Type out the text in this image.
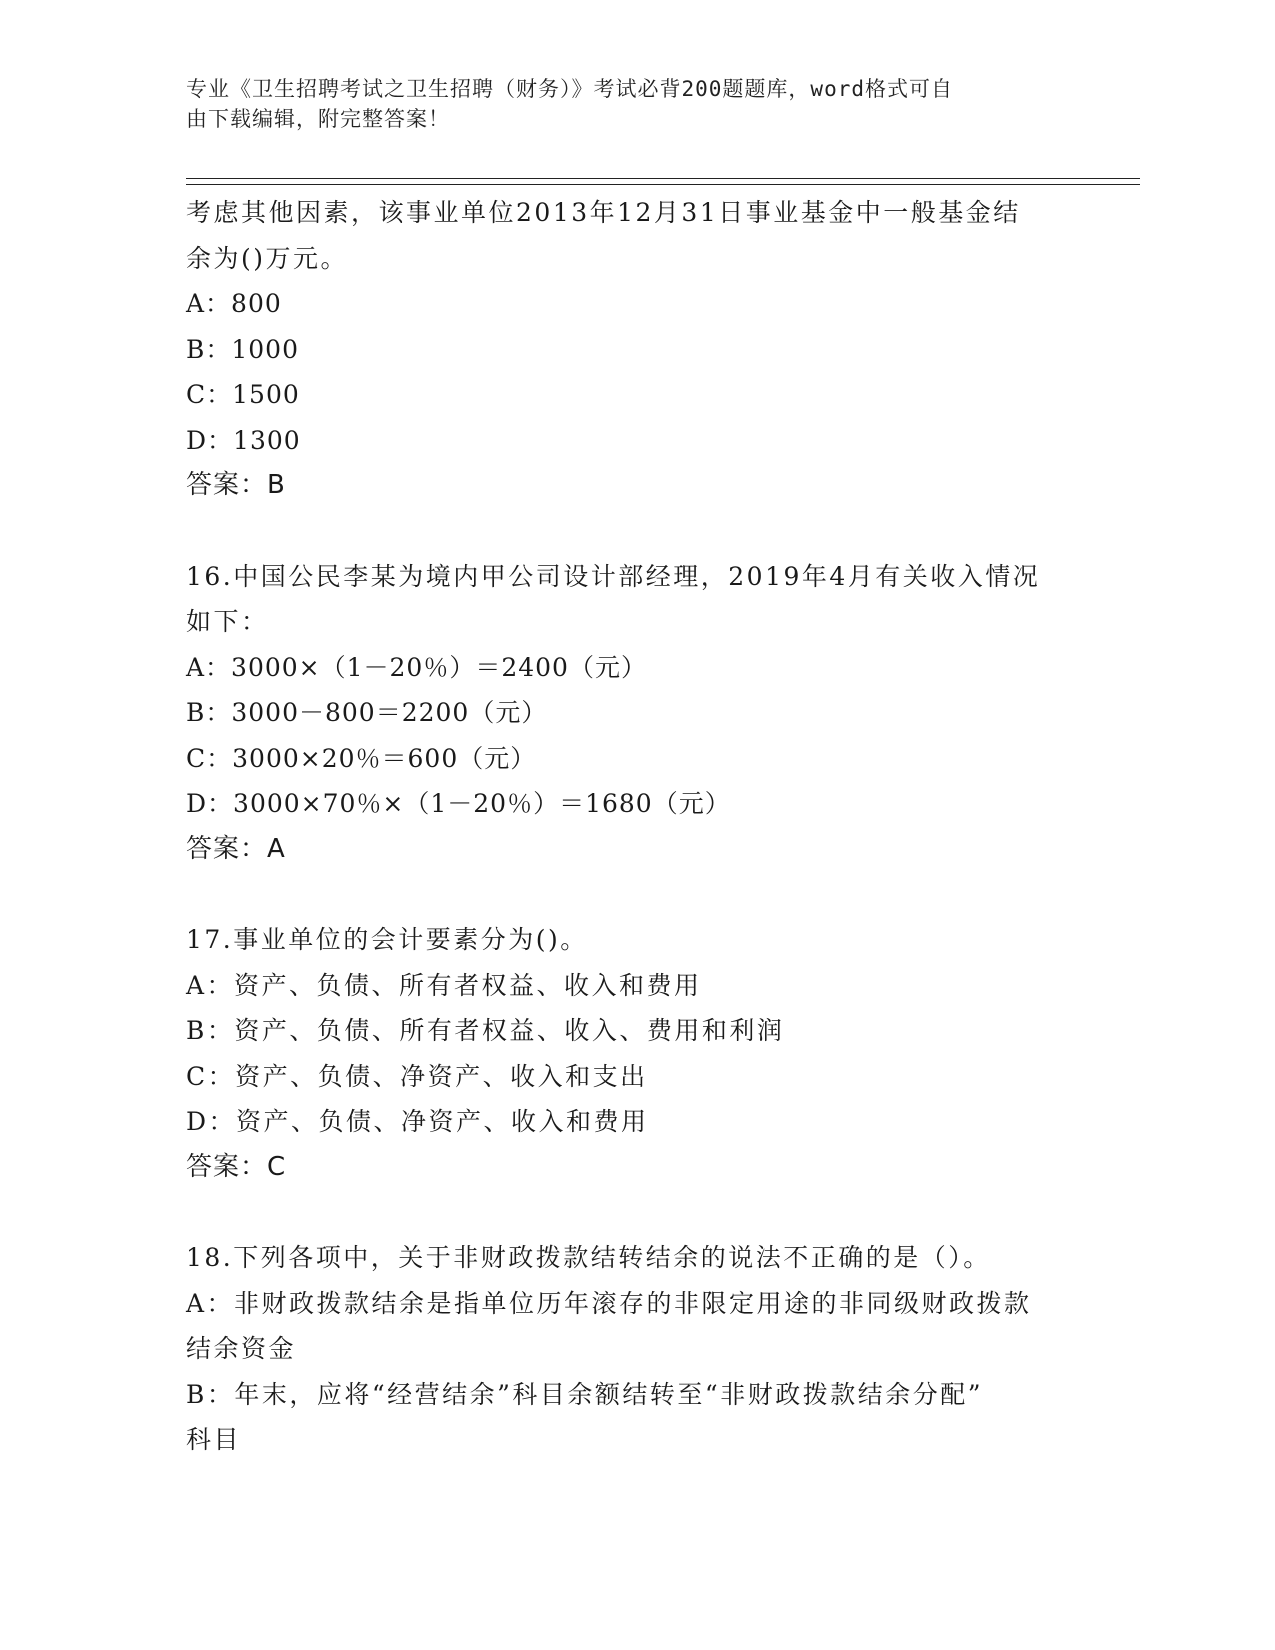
专业《卫生招聘考试之卫生招聘（财务）》考试必背200题题库，word格式可自
由下载编辑，附完整答案！
考虑其他因素，该事业单位2013年12月31日事业基金中一般基金结
余为()万元。
A：800
B：1000
C：1500
D：1300
答案：B
16.中国公民李某为境内甲公司设计部经理，2019年4月有关收入情况
如下：
A：3000×（1－20％）＝2400（元）
B：3000－800＝2200（元）
C：3000×20％＝600（元）
D：3000×70％×（1－20％）＝1680（元）
答案：A
17.事业单位的会计要素分为()。
A：资产、负债、所有者权益、收入和费用
B：资产、负债、所有者权益、收入、费用和利润
C：资产、负债、净资产、收入和支出
D：资产、负债、净资产、收入和费用
答案：C
18.下列各项中，关于非财政拨款结转结余的说法不正确的是（）。
A：非财政拨款结余是指单位历年滚存的非限定用途的非同级财政拨款
结余资金
B：年末，应将“经营结余”科目余额结转至“非财政拨款结余分配”
科目
